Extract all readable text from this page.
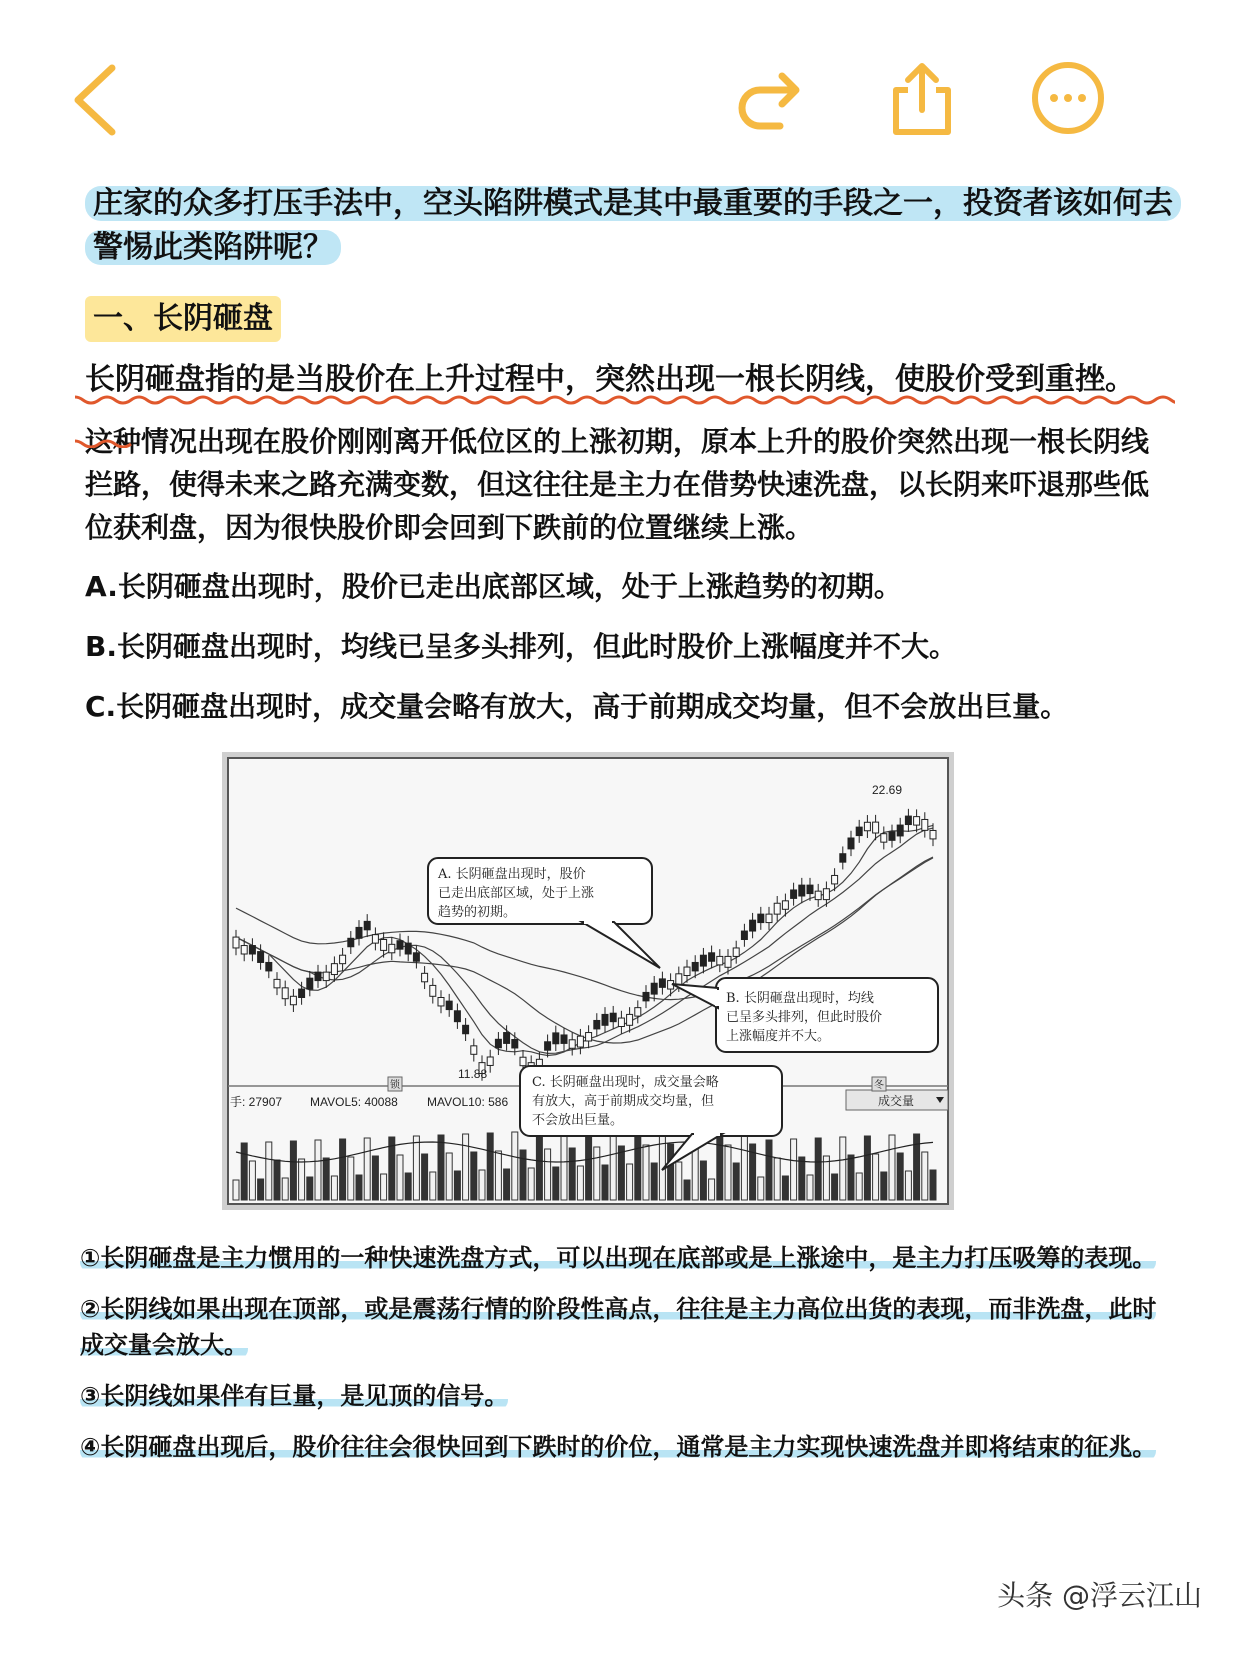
庄家的众多打压手法中，空头陷阱模式是其中最重要的手段之一，投资者该如何去警惕此类陷阱呢？

一、长阴砸盘
长阴砸盘指的是当股价在上升过程中，突然出现一根长阴线，使股价受到重挫。
这种情况出现在股价刚刚离开低位区的上涨初期，原本上升的股价突然出现一根长阴线拦路，使得未来之路充满变数，但这往往是主力在借势快速洗盘，以长阴来吓退那些低位获利盘，因为很快股价即会回到下跌前的位置继续上涨。
A.长阴砸盘出现时，股价已走出底部区域，处于上涨趋势的初期。
B.长阴砸盘出现时，均线已呈多头排列，但此时股价上涨幅度并不大。
C.长阴砸盘出现时，成交量会略有放大，高于前期成交均量，但不会放出巨量。
22.69
11.88
手: 27907 MAVOL5: 40088 MAVOL10: 586	成交量
锁	冬
A. 长阴砸盘出现时，股价
已走出底部区域，处于上涨
趋势的初期。
B. 长阴砸盘出现时，均线
已呈多头排列，但此时股价
上涨幅度并不大。
C. 长阴砸盘出现时，成交量会略
有放大，高于前期成交均量，但
不会放出巨量。
①长阴砸盘是主力惯用的一种快速洗盘方式，可以出现在底部或是上涨途中，是主力打压吸筹的表现。
②长阴线如果出现在顶部，或是震荡行情的阶段性高点，往往是主力高位出货的表现，而非洗盘，此时成交量会放大。
③长阴线如果伴有巨量，是见顶的信号。
④长阴砸盘出现后，股价往往会很快回到下跌时的价位，通常是主力实现快速洗盘并即将结束的征兆。
头条 @浮云江山
